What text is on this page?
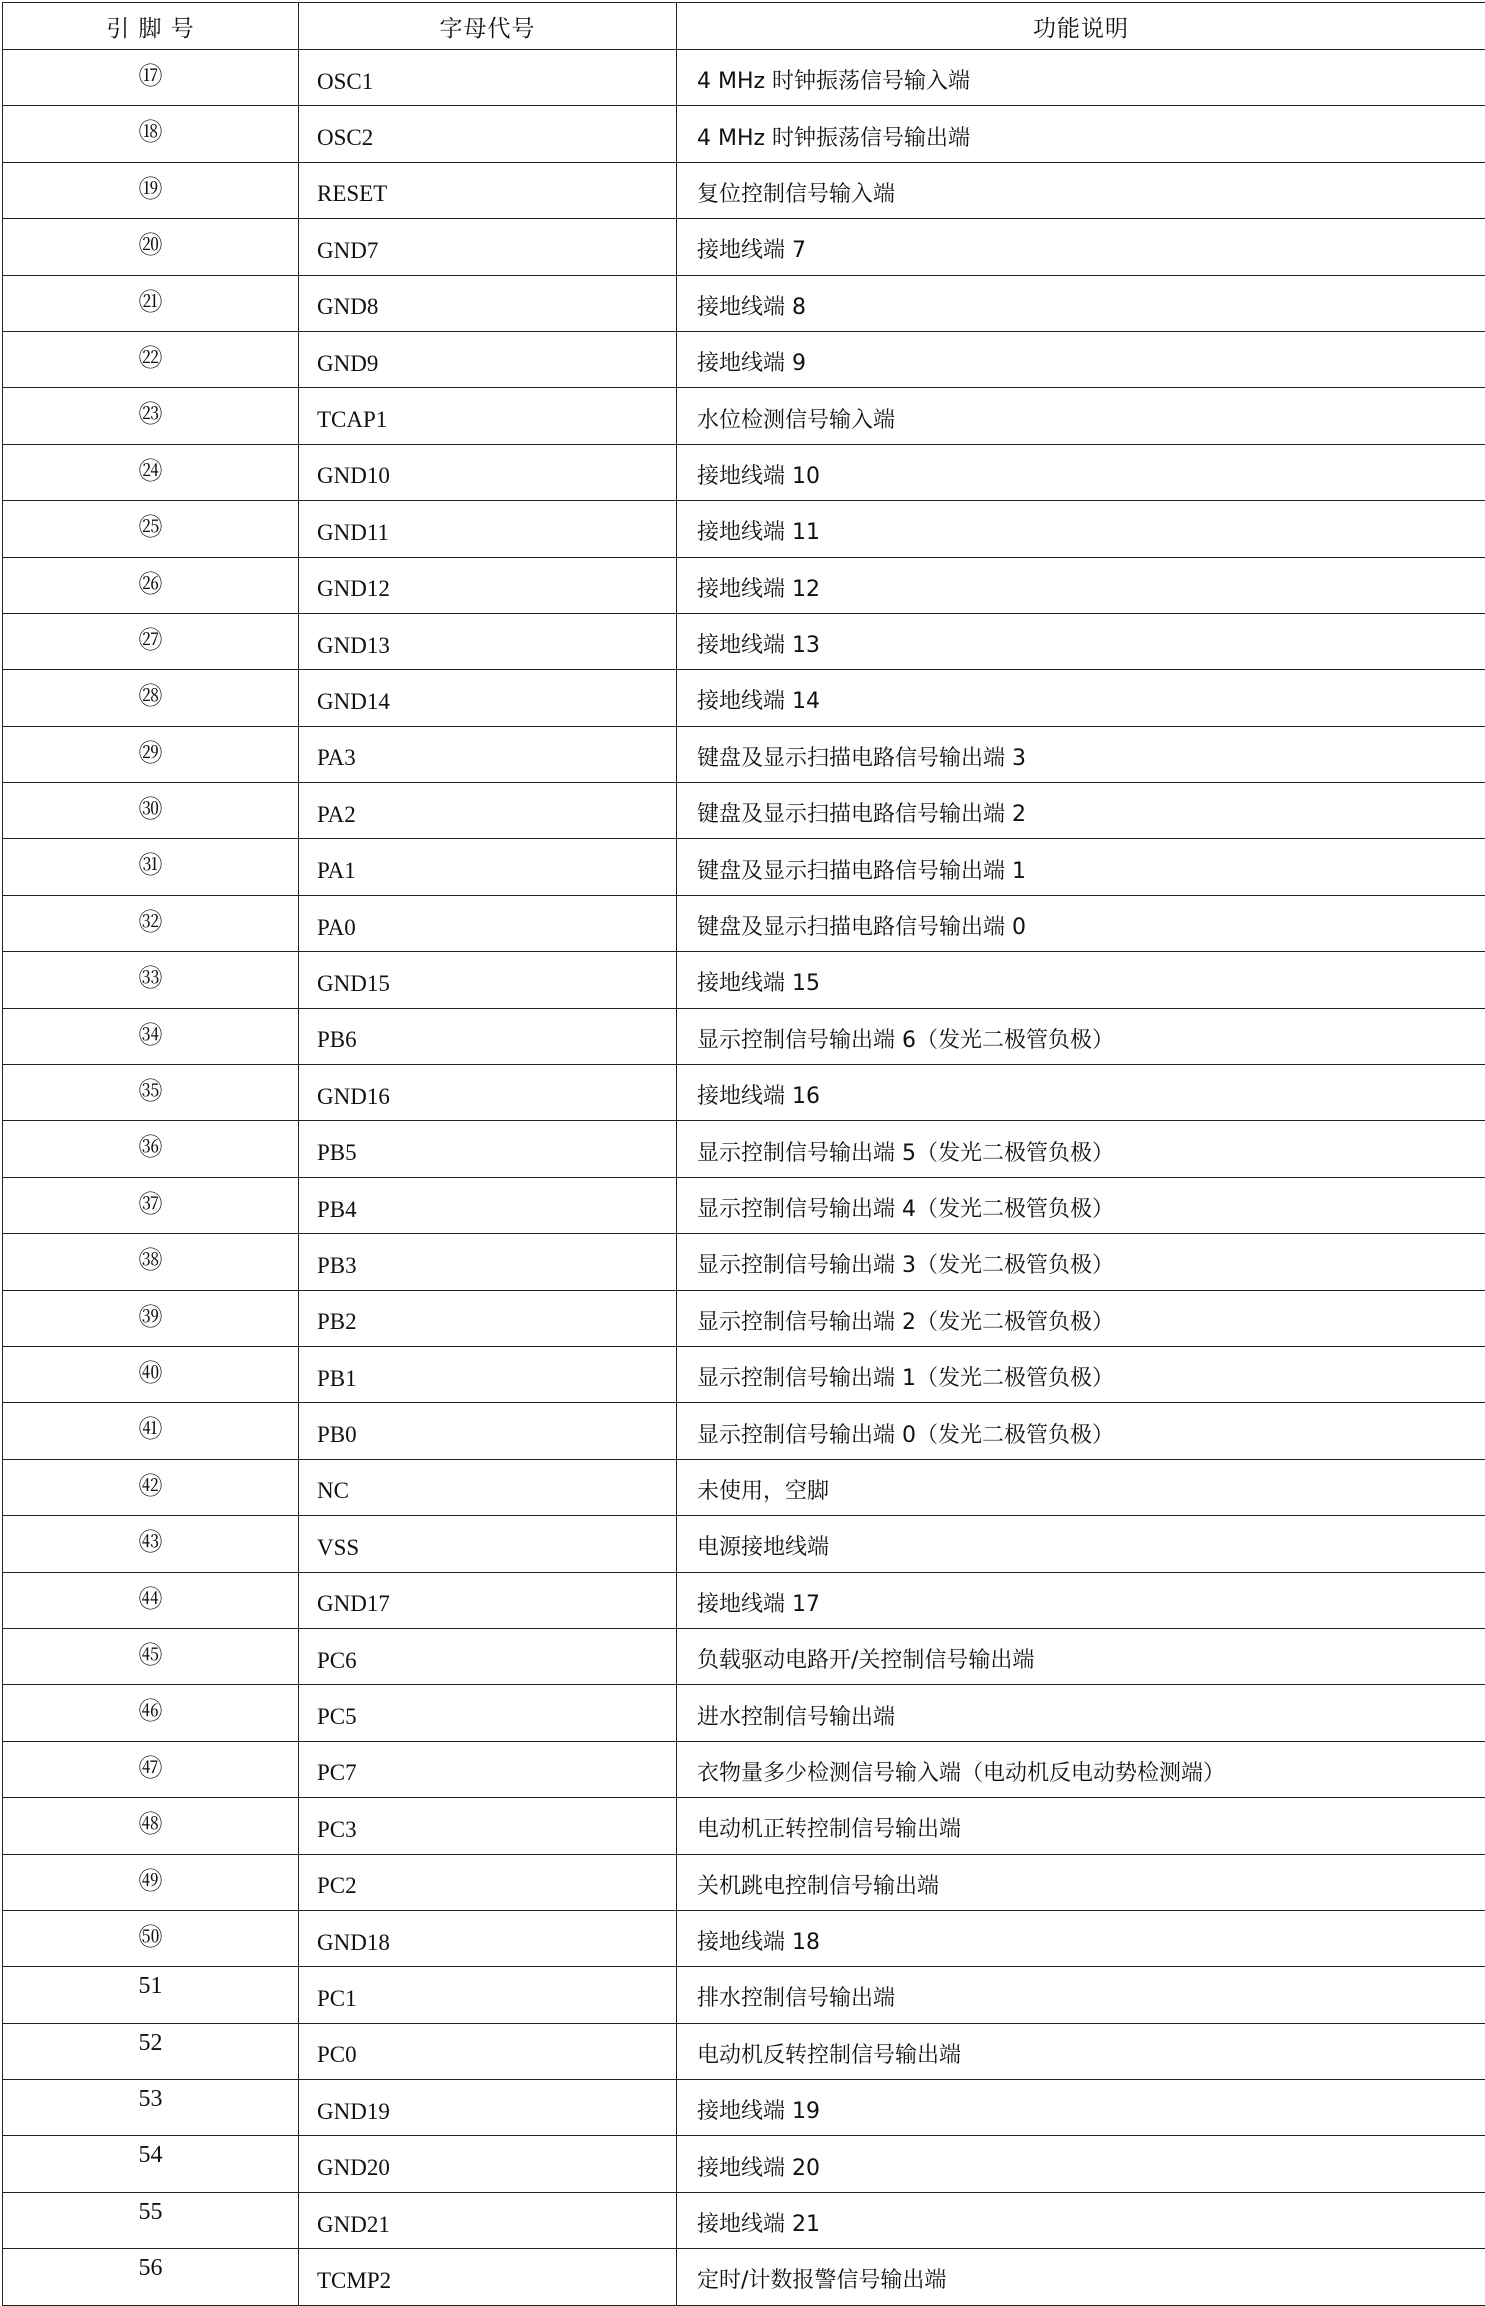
引 脚 号	字母代号	功能说明
⑰	OSC1	4 MHz 时钟振荡信号输入端
⑱	OSC2	4 MHz 时钟振荡信号输出端
⑲	RESET	复位控制信号输入端
⑳	GND7	接地线端 7
㉑	GND8	接地线端 8
㉒	GND9	接地线端 9
㉓	TCAP1	水位检测信号输入端
㉔	GND10	接地线端 10
㉕	GND11	接地线端 11
㉖	GND12	接地线端 12
㉗	GND13	接地线端 13
㉘	GND14	接地线端 14
㉙	PA3	键盘及显示扫描电路信号输出端 3
㉚	PA2	键盘及显示扫描电路信号输出端 2
㉛	PA1	键盘及显示扫描电路信号输出端 1
㉜	PA0	键盘及显示扫描电路信号输出端 0
㉝	GND15	接地线端 15
㉞	PB6	显示控制信号输出端 6（发光二极管负极）
㉟	GND16	接地线端 16
㊱	PB5	显示控制信号输出端 5（发光二极管负极）
㊲	PB4	显示控制信号输出端 4（发光二极管负极）
㊳	PB3	显示控制信号输出端 3（发光二极管负极）
㊴	PB2	显示控制信号输出端 2（发光二极管负极）
㊵	PB1	显示控制信号输出端 1（发光二极管负极）
㊶	PB0	显示控制信号输出端 0（发光二极管负极）
㊷	NC	未使用，空脚
㊸	VSS	电源接地线端
㊹	GND17	接地线端 17
㊺	PC6	负载驱动电路开/关控制信号输出端
㊻	PC5	进水控制信号输出端
㊼	PC7	衣物量多少检测信号输入端（电动机反电动势检测端）
㊽	PC3	电动机正转控制信号输出端
㊾	PC2	关机跳电控制信号输出端
㊿	GND18	接地线端 18
51	PC1	排水控制信号输出端
52	PC0	电动机反转控制信号输出端
53	GND19	接地线端 19
54	GND20	接地线端 20
55	GND21	接地线端 21
56	TCMP2	定时/计数报警信号输出端
